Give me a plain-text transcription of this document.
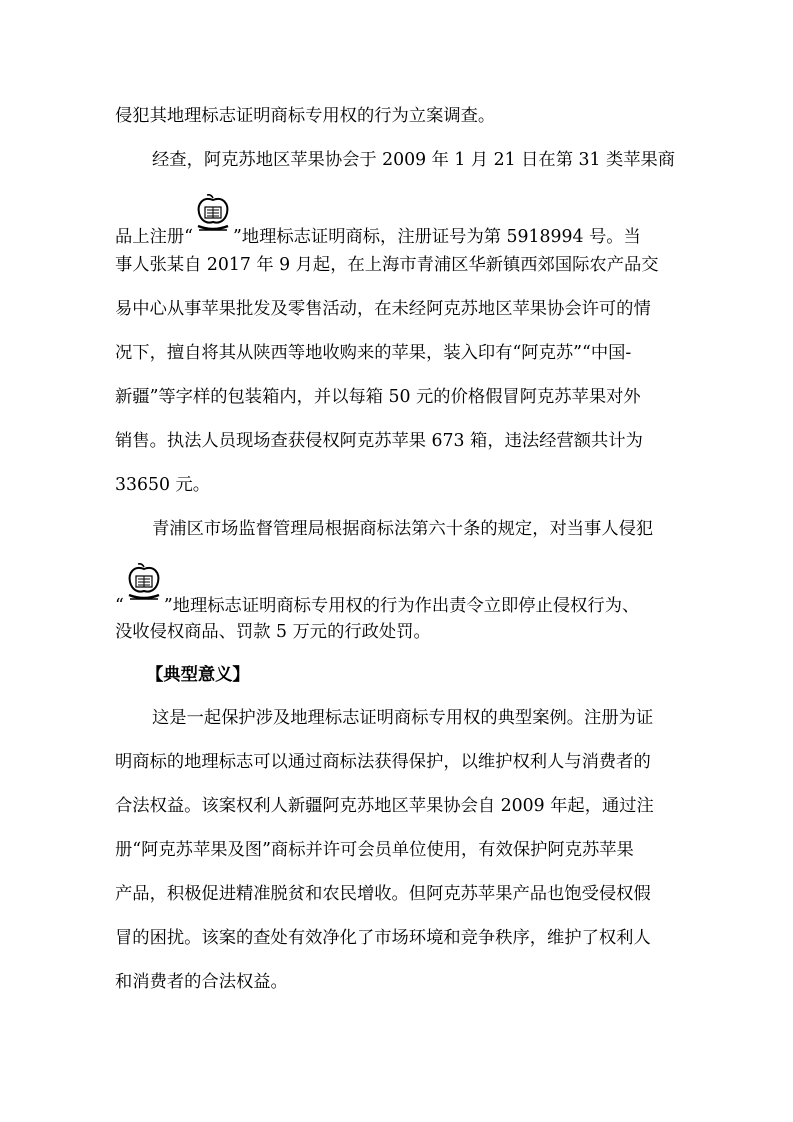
侵犯其地理标志证明商标专用权的行为立案调查。
经查，阿克苏地区苹果协会于 2009 年 1 月 21 日在第 31 类苹果商
品上注册“ ”地理标志证明商标，注册证号为第 5918994 号。当
事人张某自 2017 年 9 月起，在上海市青浦区华新镇西郊国际农产品交
易中心从事苹果批发及零售活动，在未经阿克苏地区苹果协会许可的情
况下，擅自将其从陕西等地收购来的苹果，装入印有“阿克苏”“中国-
新疆”等字样的包装箱内，并以每箱 50 元的价格假冒阿克苏苹果对外
销售。执法人员现场查获侵权阿克苏苹果 673 箱，违法经营额共计为
33650 元。
青浦区市场监督管理局根据商标法第六十条的规定，对当事人侵犯
“ ”地理标志证明商标专用权的行为作出责令立即停止侵权行为、
没收侵权商品、罚款 5 万元的行政处罚。
【典型意义】
这是一起保护涉及地理标志证明商标专用权的典型案例。注册为证
明商标的地理标志可以通过商标法获得保护，以维护权利人与消费者的
合法权益。该案权利人新疆阿克苏地区苹果协会自 2009 年起，通过注
册“阿克苏苹果及图”商标并许可会员单位使用，有效保护阿克苏苹果
产品，积极促进精准脱贫和农民增收。但阿克苏苹果产品也饱受侵权假
冒的困扰。该案的查处有效净化了市场环境和竞争秩序，维护了权利人
和消费者的合法权益。
